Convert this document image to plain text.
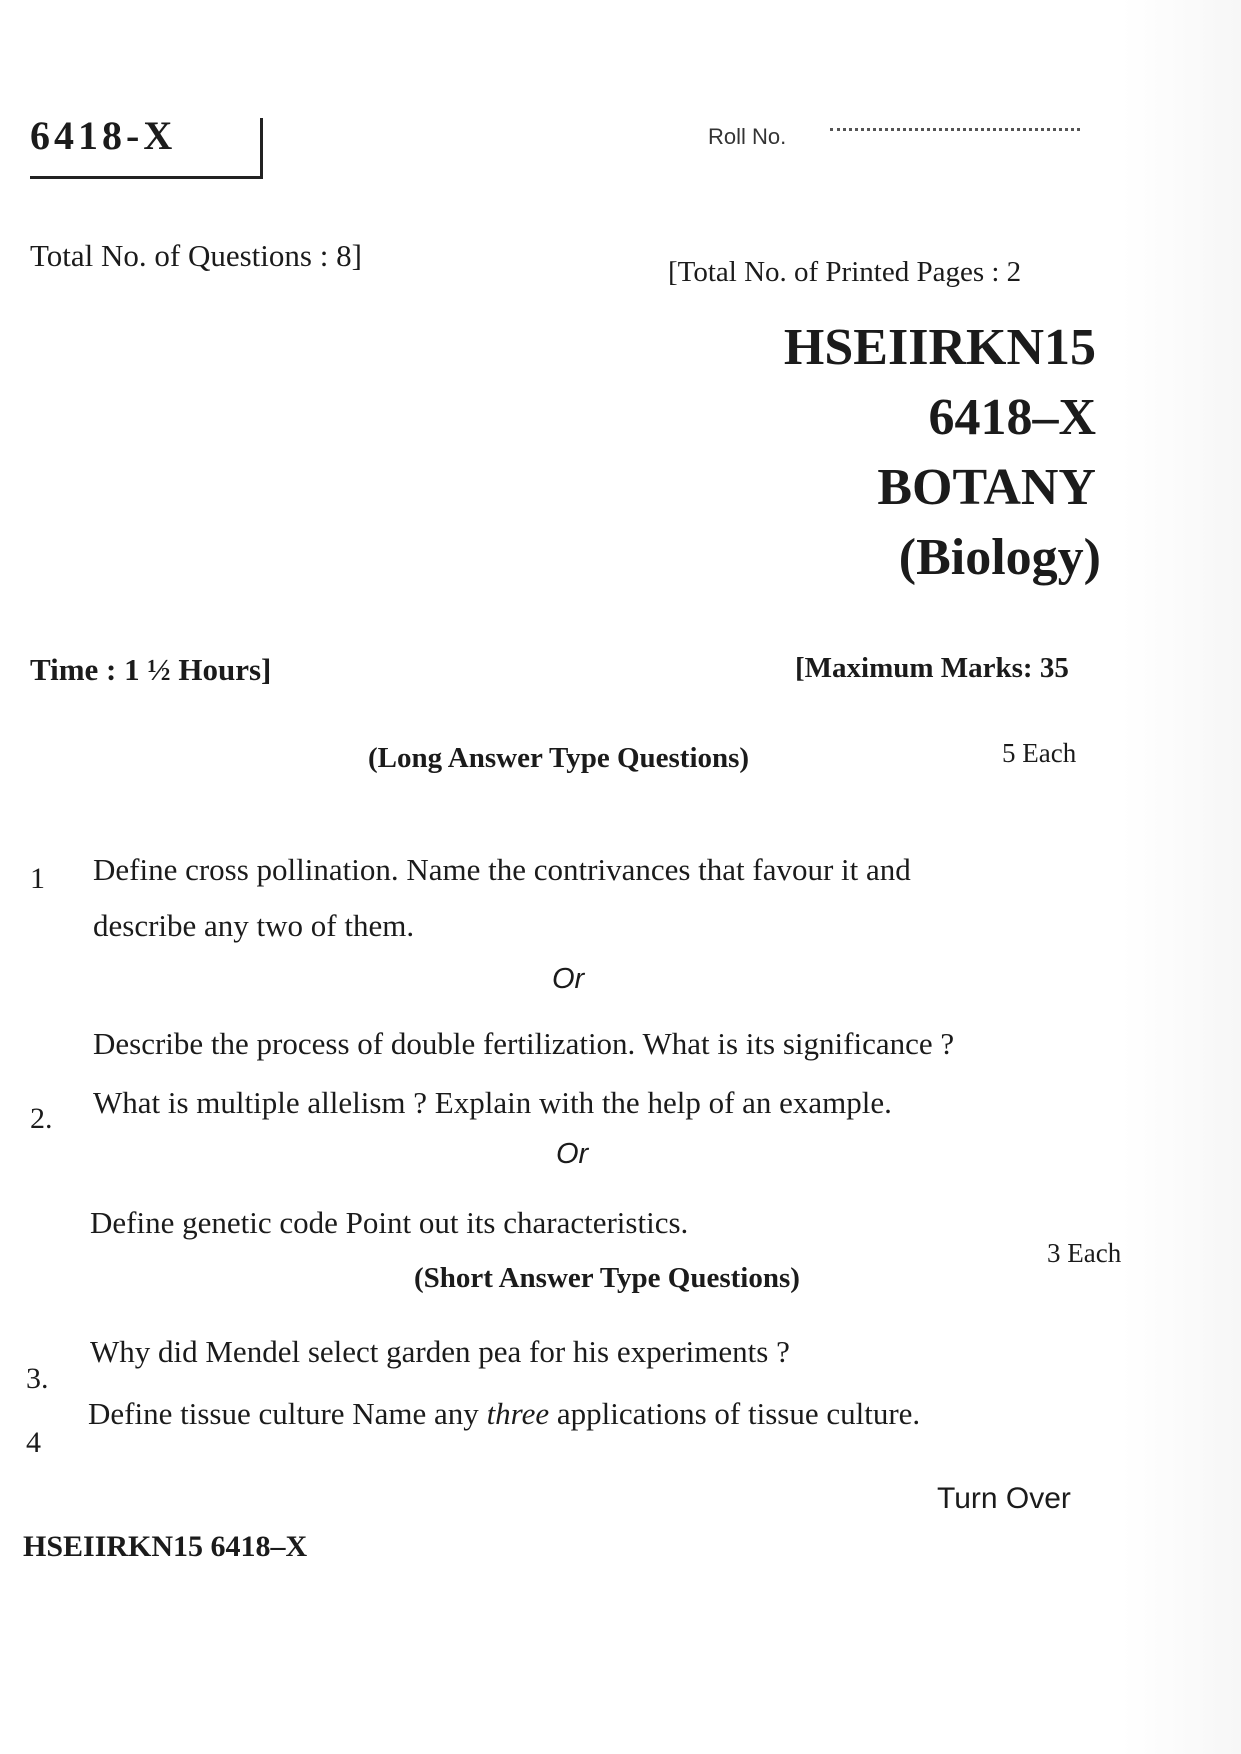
6418-X	Roll No.
Total No. of Questions : 8]	[Total No. of Printed Pages : 2
HSEIIRKN15
6418–X
BOTANY
(Biology)
Time : 1 ½ Hours]	[Maximum Marks: 35
(Long Answer Type Questions)	5 Each
1 Define cross pollination. Name the contrivances that favour it and
describe any two of them.
Or
Describe the process of double fertilization. What is its significance ?
2. What is multiple allelism ? Explain with the help of an example.
Or
Define genetic code Point out its characteristics.
(Short Answer Type Questions)
3 Each
3.
Why did Mendel select garden pea for his experiments ?
4
Define tissue culture Name any three applications of tissue culture.
Turn Over
HSEIIRKN15 6418–X
